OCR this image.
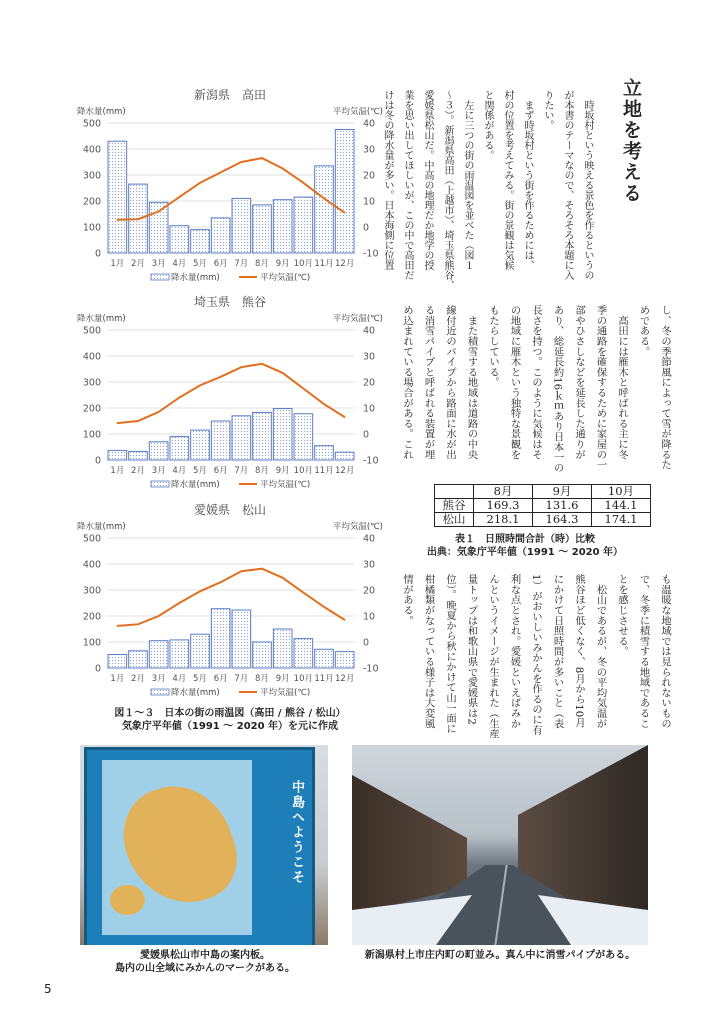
立地を考える
　時坂村という映える景色を作るというの
が本書のテーマなので、そろそろ本題に入
りたい。
　まず時坂村という街を作るためには、
村の位置を考えてみる。街の景観は気候
と関係がある。
　左に三つの街の雨温図を並べた（図１
～３）。新潟県高田（上越市）、埼玉県熊谷、
愛媛県松山だ。中高の地理だか地学の授
業を思い出してほしいが、この中で高田だ
けは冬の降水量が多い。日本海側に位置
し、冬の季節風によって雪が降るた
めである。
　高田には雁木と呼ばれる主に冬
季の通路を確保するために家屋の一
部やひさしなどを延長した通りが
あり、総延長約16ｋｍあり日本一の
長さを持つ。このように気候はそ
の地域に雁木という独特な景観を
もたらしている。
　また積雪する地域は道路の中央
線付近のパイプから路面に水が出
る消雪パイプと呼ばれる装置が埋
め込まれている場合がある。これ
も温暖な地域では見られないもの
で、冬季に積雪する地域であるこ
とを感じさせる。
　松山であるが、冬の平均気温が
熊谷ほど低くなく、8月から10月
にかけて日照時間が多いこと（表
1）がおいしいみかんを作るのに有
利な点とされ。愛媛といえばみか
んというイメージが生まれた（生産
量トップは和歌山県で愛媛県は2
位）。晩夏から秋にかけて山一面に
柑橘類がなっている様子は大変風
情がある。
新潟県　高田
降水量(mm)	平均気温(℃)
0	-10
100	0
200	10
300	20
400	30
500	40
1月 2月 3月 4月 5月 6月 7月 8月 9月 10月 11月 12月
降水量(mm)	平均気温(℃)
埼玉県　熊谷
降水量(mm)	平均気温(℃)
0	-10
100	0
200	10
300	20
400	30
500	40
1月 2月 3月 4月 5月 6月 7月 8月 9月 10月 11月 12月
降水量(mm)	平均気温(℃)
愛媛県　松山
降水量(mm)	平均気温(℃)
0	-10
100	0
200	10
300	20
400	30
500	40
1月 2月 3月 4月 5月 6月 7月 8月 9月 10月 11月 12月
降水量(mm)	平均気温(℃)
図１～３　日本の街の雨温図（高田 / 熊谷 / 松山）
気象庁平年値（1991 ～ 2020 年）を元に作成
	8月	9月	10月
熊谷	169.3	131.6	144.1
松山	218.1	164.3	174.1
表１　日照時間合計（時）比較
出典：気象庁平年値（1991 ～ 2020 年）
中島へようこそ
愛媛県松山市中島の案内板。
島内の山全域にみかんのマークがある。
新潟県村上市庄内町の町並み。真ん中に消雪パイプがある。
5
